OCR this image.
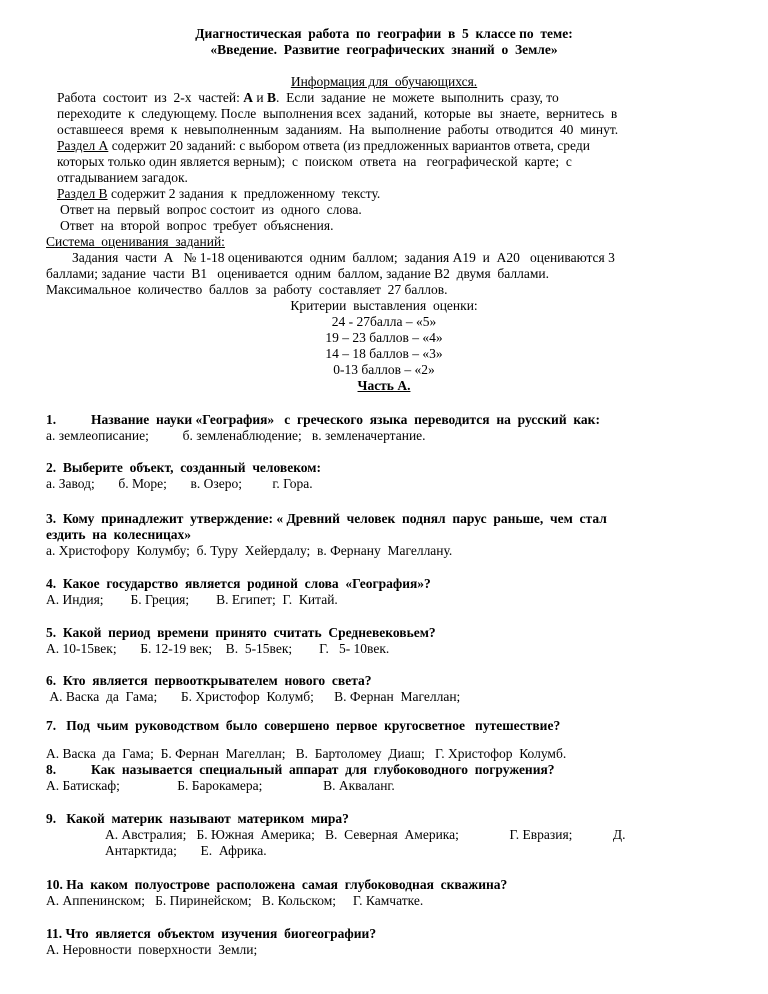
Диагностическая  работа  по  географии  в  5  классе по  теме:
«Введение.  Развитие  географических  знаний  о  Земле»
Информация для  обучающихся.
Работа  состоит  из  2-х  частей: А и В.  Если  задание  не  можете  выполнить  сразу, то
переходите  к  следующему. После  выполнения всех  заданий,  которые  вы  знаете,  вернитесь  в
оставшееся  время  к  невыполненным  заданиям.  На  выполнение  работы  отводится  40  минут.
Раздел А содержит 20 заданий: с выбором ответа (из предложенных вариантов ответа, среди
которых только один является верным);  с  поиском  ответа  на   географической  карте;  с
отгадыванием загадок.
Раздел В содержит 2 задания  к  предложенному  тексту.
Ответ на  первый  вопрос состоит  из  одного  слова.
Ответ  на  второй  вопрос  требует  объяснения.
Система  оценивания  заданий:
Задания  части  А   № 1-18 оцениваются  одним  баллом;  задания А19  и  А20   оцениваются 3
баллами; задание  части  В1   оценивается  одним  баллом, задание В2  двумя  баллами.
Максимальное  количество  баллов  за  работу  составляет  27 баллов.
Критерии  выставления  оценки:
24 - 27балла – «5»
19 – 23 баллов – «4»
14 – 18 баллов – «3»
0-13 баллов – «2»
Часть А.
1.	Название  науки «География»   с  греческого  языка  переводится  на  русский  как:
а. землеописание;          б. земленаблюдение;   в. земленачертание.
2.  Выберите  объект,  созданный  человеком:
а. Завод;       б. Море;       в. Озеро;         г. Гора.
3.  Кому  принадлежит  утверждение: « Древний  человек  поднял  парус  раньше,  чем  стал
ездить  на  колесницах»
а. Христофору  Колумбу;  б. Туру  Хейердалу;  в. Фернану  Магеллану.
4.  Какое  государство  является  родиной  слова  «География»?
А. Индия;        Б. Греция;        В. Египет;  Г.  Китай.
5.  Какой  период  времени  принято  считать  Средневековьем?
А. 10-15век;       Б. 12-19 век;    В.  5-15век;        Г.   5- 10век.
6.  Кто  является  первооткрывателем  нового  света?
А. Васка  да  Гама;       Б. Христофор  Колумб;      В. Фернан  Магеллан;
7.   Под  чьим  руководством  было  совершено  первое  кругосветное   путешествие?
А. Васка  да  Гама;  Б. Фернан  Магеллан;   В.  Бартоломеу  Диаш;   Г. Христофор  Колумб.
8.	Как  называется  специальный  аппарат  для  глубоководного  погружения?
А. Батискаф;                 Б. Барокамера;                  В. Акваланг.
9.   Какой  материк  называют  материком  мира?
А. Австралия;   Б. Южная  Америка;   В.  Северная  Америка;               Г. Евразия;            Д.
Антарктида;       Е.  Африка.
10. На  каком  полуострове  расположена  самая  глубоководная  скважина?
А. Аппенинском;   Б. Пиринейском;   В. Кольском;     Г. Камчатке.
11. Что  является  объектом  изучения  биогеографии?
А. Неровности  поверхности  Земли;
